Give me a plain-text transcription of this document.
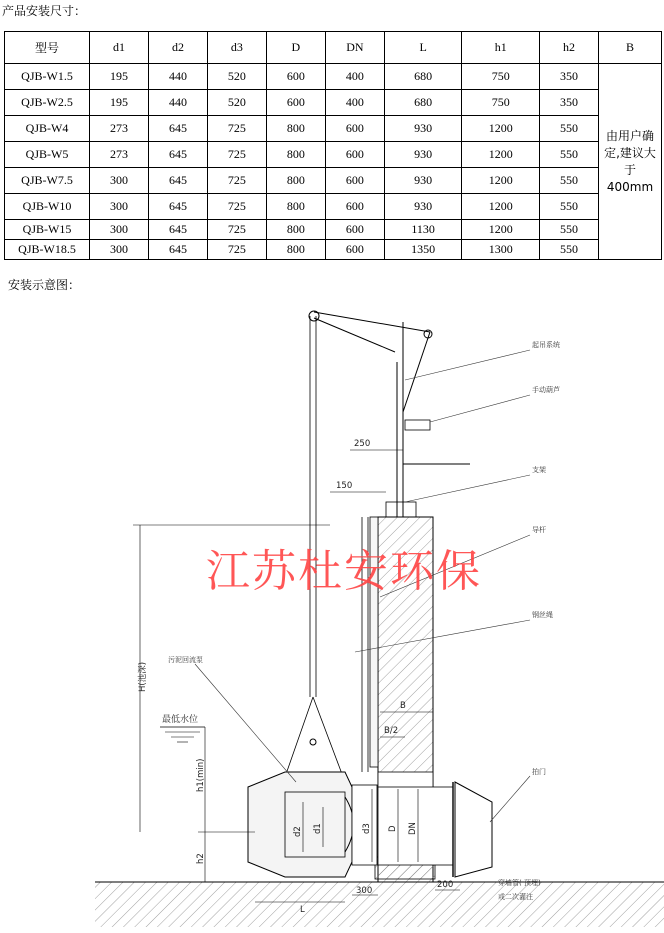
产品安装尺寸：
型号	d1	d2	d3	D	DN	L	h1	h2	B
QJB-W1.5	195	440	520	600	400	680	750	350	由用户确定,建议大于400mm
QJB-W2.5	195	440	520	600	400	680	750	350	
QJB-W4	273	645	725	800	600	930	1200	550	
QJB-W5	273	645	725	800	600	930	1200	550	
QJB-W7.5	300	645	725	800	600	930	1200	550	
QJB-W10	300	645	725	800	600	930	1200	550	
QJB-W15	300	645	725	800	600	1130	1200	550	
QJB-W18.5	300	645	725	800	600	1350	1300	550	
安装示意图：
起吊系统
手动葫芦
支架
导杆
钢丝绳
污泥回流泵
最低水位
拍门
穿墙管( 预埋)
或二次灌注
H(池深)
h1(min)
h2
B
B/2
L
d2 d1	d3 D DN
250
150
300
200
江苏杜安环保
